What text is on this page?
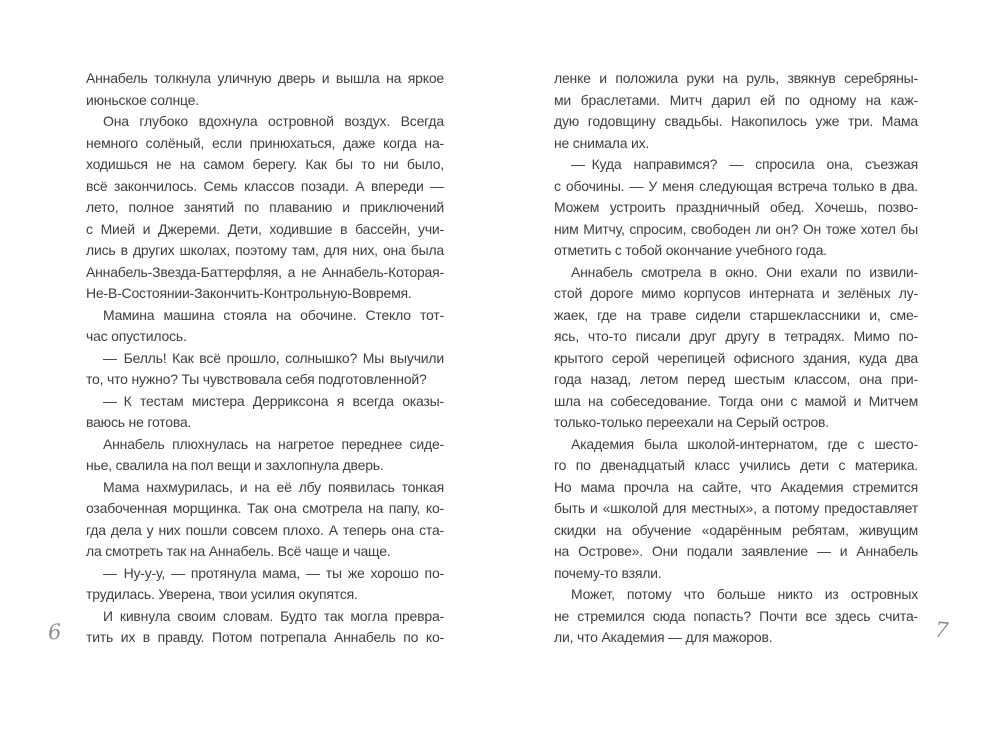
Аннабель толкнула уличную дверь и вышла на яркое
июньское солнце.
Она глубоко вдохнула островной воздух. Всегда
немного солёный, если принюхаться, даже когда на-
ходишься не на самом берегу. Как бы то ни было,
всё закончилось. Семь классов позади. А впереди —
лето, полное занятий по плаванию и приключений
с Мией и Джереми. Дети, ходившие в бассейн, учи-
лись в других школах, поэтому там, для них, она была
Аннабель-Звезда-Баттерфляя, а не Аннабель-Которая-
Не-В-Состоянии-Закончить-Контрольную-Вовремя.
Мамина машина стояла на обочине. Стекло тот-
час опустилось.
— Белль! Как всё прошло, солнышко? Мы выучили
то, что нужно? Ты чувствовала себя подготовленной?
— К тестам мистера Дерриксона я всегда оказы-
ваюсь не готова.
Аннабель плюхнулась на нагретое переднее сиде-
нье, свалила на пол вещи и захлопнула дверь.
Мама нахмурилась, и на её лбу появилась тонкая
озабоченная морщинка. Так она смотрела на папу, ко-
гда дела у них пошли совсем плохо. А теперь она ста-
ла смотреть так на Аннабель. Всё чаще и чаще.
— Ну-у-у, — протянула мама, — ты же хорошо по-
трудилась. Уверена, твои усилия окупятся.
И кивнула своим словам. Будто так могла превра-
тить их в правду. Потом потрепала Аннабель по ко-
6
ленке и положила руки на руль, звякнув серебряны-
ми браслетами. Митч дарил ей по одному на каж-
дую годовщину свадьбы. Накопилось уже три. Мама
не снимала их.
— Куда направимся? — спросила она, съезжая
с обочины. — У меня следующая встреча только в два.
Можем устроить праздничный обед. Хочешь, позво-
ним Митчу, спросим, свободен ли он? Он тоже хотел бы
отметить с тобой окончание учебного года.
Аннабель смотрела в окно. Они ехали по извили-
стой дороге мимо корпусов интерната и зелёных лу-
жаек, где на траве сидели старшеклассники и, сме-
ясь, что-то писали друг другу в тетрадях. Мимо по-
крытого серой черепицей офисного здания, куда два
года назад, летом перед шестым классом, она при-
шла на собеседование. Тогда они с мамой и Митчем
только-только переехали на Серый остров.
Академия была школой-интернатом, где с шесто-
го по двенадцатый класс учились дети с материка.
Но мама прочла на сайте, что Академия стремится
быть и «школой для местных», а потому предоставляет
скидки на обучение «одарённым ребятам, живущим
на Острове». Они подали заявление — и Аннабель
почему-то взяли.
Может, потому что больше никто из островных
не стремился сюда попасть? Почти все здесь счита-
ли, что Академия — для мажоров.	7
